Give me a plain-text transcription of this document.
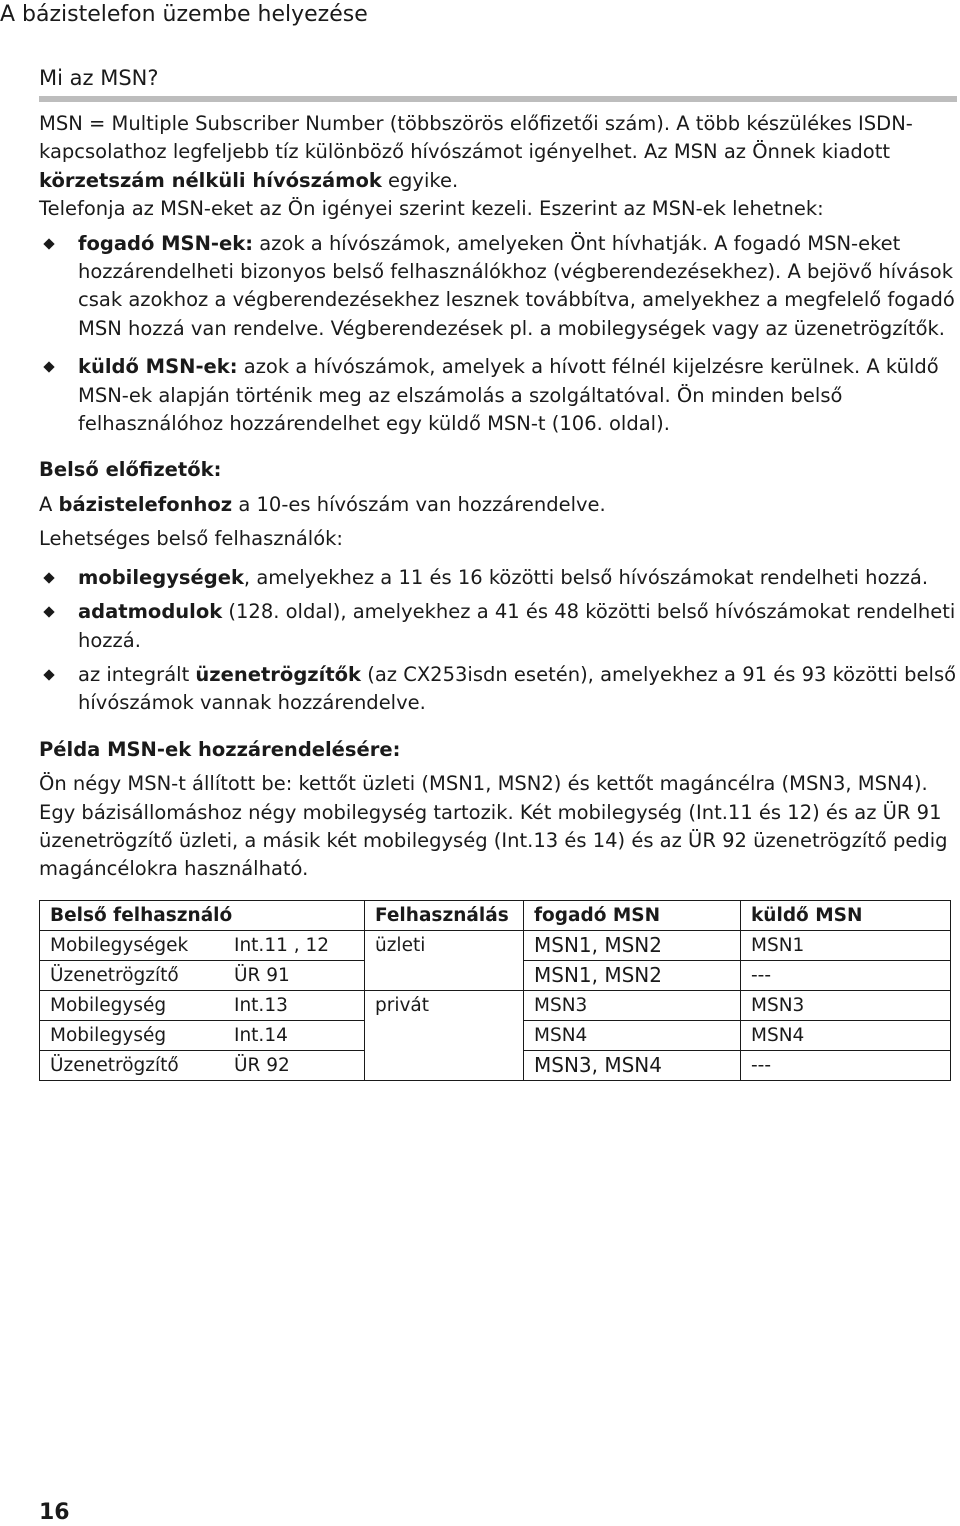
A bázistelefon üzembe helyezése
Mi az MSN?

MSN = Multiple Subscriber Number (többszörös előfizetői szám). A több készülékes ISDN-kapcsolathoz legfeljebb tíz különböző hívószámot igényelhet. Az MSN az Önnek kiadott körzetszám nélküli hívószámok egyike.

Telefonja az MSN-eket az Ön igényei szerint kezeli. Eszerint az MSN-ek lehetnek:

fogadó MSN-ek: azok a hívószámok, amelyeken Önt hívhatják. A fogadó MSN-eket hozzárendelheti bizonyos belső felhasználókhoz (végberendezésekhez). A bejövő hívások csak azokhoz a végberendezésekhez lesznek továbbítva, amelyekhez a megfelelő fogadó MSN hozzá van rendelve. Végberendezések pl. a mobilegységek vagy az üzenetrögzítők.
küldő MSN-ek: azok a hívószámok, amelyek a hívott félnél kijelzésre kerülnek. A küldő MSN-ek alapján történik meg az elszámolás a szolgáltatóval. Ön minden belső felhasználóhoz hozzárendelhet egy küldő MSN-t (106. oldal).

Belső előfizetők:

A bázistelefonhoz a 10-es hívószám van hozzárendelve.

Lehetséges belső felhasználók:

mobilegységek, amelyekhez a 11 és 16 közötti belső hívószámokat rendelheti hozzá.
adatmodulok (128. oldal), amelyekhez a 41 és 48 közötti belső hívószámokat rendelheti hozzá.
az integrált üzenetrögzítők (az CX253isdn esetén), amelyekhez a 91 és 93 közötti belső hívószámok vannak hozzárendelve.

Példa MSN-ek hozzárendelésére:

Ön négy MSN-t állított be: kettőt üzleti (MSN1, MSN2) és kettőt magáncélra (MSN3, MSN4). Egy bázisállomáshoz négy mobilegység tartozik. Két mobilegység (Int.11 és 12) és az ÜR 91 üzenetrögzítő üzleti, a másik két mobilegység (Int.13 és 14) és az ÜR 92 üzenetrögzítő pedig magáncélokra használható.

Belső felhasználó		Felhasználás	fogadó MSN	küldő MSN
Mobilegységek	Int.11 , 12	üzleti	MSN1, MSN2	MSN1
Üzenetrögzítő	ÜR 91		MSN1, MSN2	---
Mobilegység	Int.13	privát	MSN3	MSN3
Mobilegység	Int.14		MSN4	MSN4
Üzenetrögzítő	ÜR 92		MSN3, MSN4	---

16
